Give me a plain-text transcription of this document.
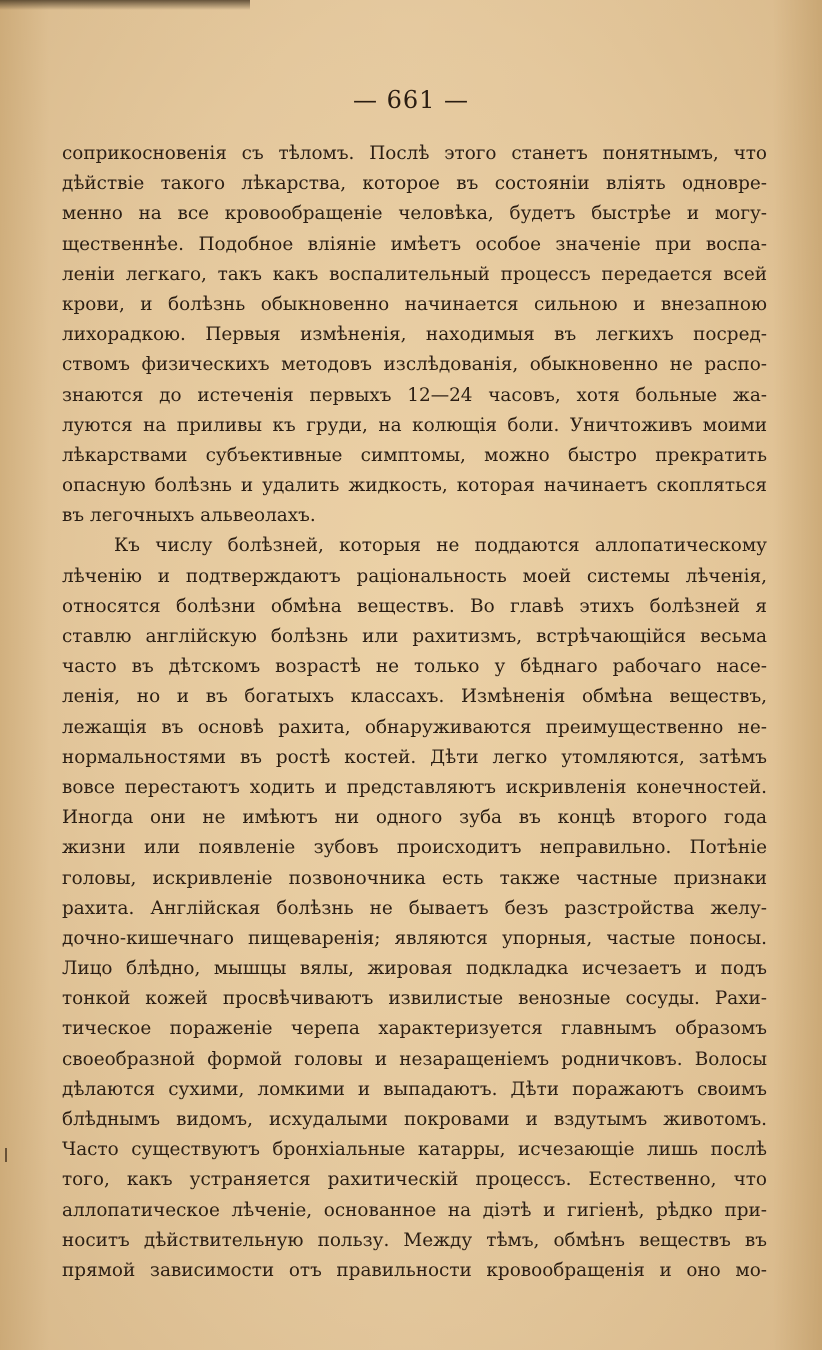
— 661 —
соприкосновенія съ тѣломъ. Послѣ этого станетъ понятнымъ, что
дѣйствіе такого лѣкарства, которое въ состояніи вліять одновре-
менно на все кровообращеніе человѣка, будетъ быстрѣе и могу-
щественнѣе. Подобное вліяніе имѣетъ особое значеніе при воспа-
леніи легкаго, такъ какъ воспалительный процессъ передается всей
крови, и болѣзнь обыкновенно начинается сильною и внезапною
лихорадкою. Первыя измѣненія, находимыя въ легкихъ посред-
ствомъ физическихъ методовъ изслѣдованія, обыкновенно не распо-
знаются до истеченія первыхъ 12—24 часовъ, хотя больные жа-
луются на приливы къ груди, на колющія боли. Уничтоживъ моими
лѣкарствами субъективные симптомы, можно быстро прекратить
опасную болѣзнь и удалить жидкость, которая начинаетъ скопляться
въ легочныхъ альвеолахъ.
Къ числу болѣзней, которыя не поддаются аллопатическому
лѣченію и подтверждаютъ раціональность моей системы лѣченія,
относятся болѣзни обмѣна веществъ. Во главѣ этихъ болѣзней я
ставлю англійскую болѣзнь или рахитизмъ, встрѣчающійся весьма
часто въ дѣтскомъ возрастѣ не только у бѣднаго рабочаго насе-
ленія, но и въ богатыхъ классахъ. Измѣненія обмѣна веществъ,
лежащія въ основѣ рахита, обнаруживаются преимущественно не-
нормальностями въ ростѣ костей. Дѣти легко утомляются, затѣмъ
вовсе перестаютъ ходить и представляютъ искривленія конечностей.
Иногда они не имѣютъ ни одного зуба въ концѣ второго года
жизни или появленіе зубовъ происходитъ неправильно. Потѣніе
головы, искривленіе позвоночника есть также частные признаки
рахита. Англійская болѣзнь не бываетъ безъ разстройства желу-
дочно-кишечнаго пищеваренія; являются упорныя, частые поносы.
Лицо блѣдно, мышцы вялы, жировая подкладка исчезаетъ и подъ
тонкой кожей просвѣчиваютъ извилистые венозные сосуды. Рахи-
тическое пораженіе черепа характеризуется главнымъ образомъ
своеобразной формой головы и незаращеніемъ родничковъ. Волосы
дѣлаются сухими, ломкими и выпадаютъ. Дѣти поражаютъ своимъ
блѣднымъ видомъ, исхудалыми покровами и вздутымъ животомъ.
Часто существуютъ бронхіальные катарры, исчезающіе лишь послѣ
того, какъ устраняется рахитическій процессъ. Естественно, что
аллопатическое лѣченіе, основанное на діэтѣ и гигіенѣ, рѣдко при-
носитъ дѣйствительную пользу. Между тѣмъ, обмѣнъ веществъ въ
прямой зависимости отъ правильности кровообращенія и оно мо-
